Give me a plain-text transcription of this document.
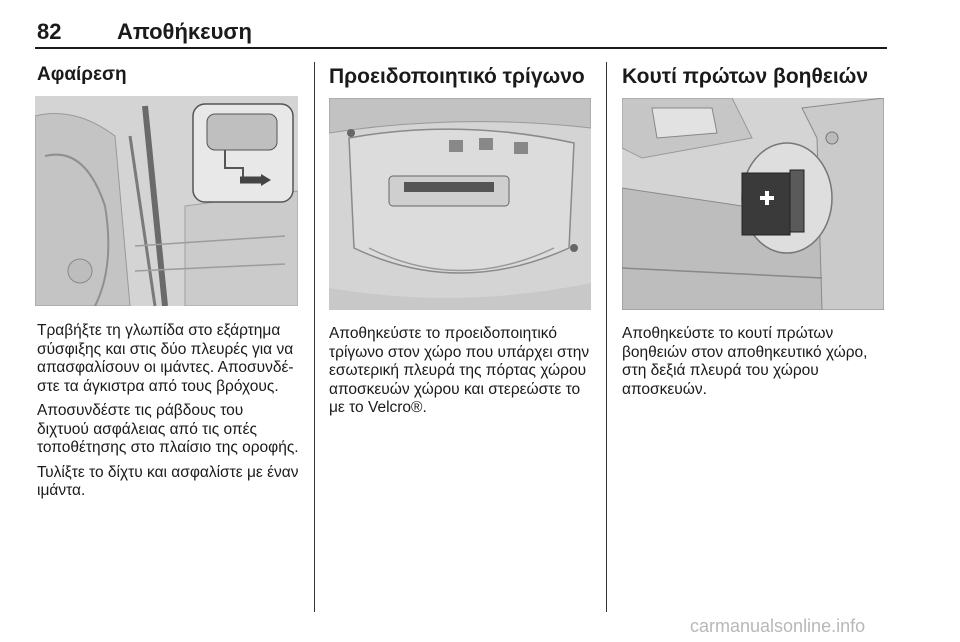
82	Αποθήκευση
Αφαίρεση

Τραβήξτε τη γλωπίδα στο εξάρτημα σύσφιξης και στις δύο πλευρές για να απασφαλίσουν οι ιμάντες. Αποσυνδέ-στε τα άγκιστρα από τους βρόχους.

Αποσυνδέστε τις ράβδους του διχτυού ασφάλειας από τις οπές τοποθέτησης στο πλαίσιο της οροφής.

Τυλίξτε το δίχτυ και ασφαλίστε με έναν ιμάντα.

Προειδοποιητικό τρίγωνο

Αποθηκεύστε το προειδοποιητικό τρίγωνο στον χώρο που υπάρχει στην εσωτερική πλευρά της πόρτας χώρου αποσκευών χώρου και στερεώστε το με το Velcro®.

Κουτί πρώτων βοηθειών

Αποθηκεύστε το κουτί πρώτων βοηθειών στον αποθηκευτικό χώρο, στη δεξιά πλευρά του χώρου αποσκευών.

carmanualsonline.info
